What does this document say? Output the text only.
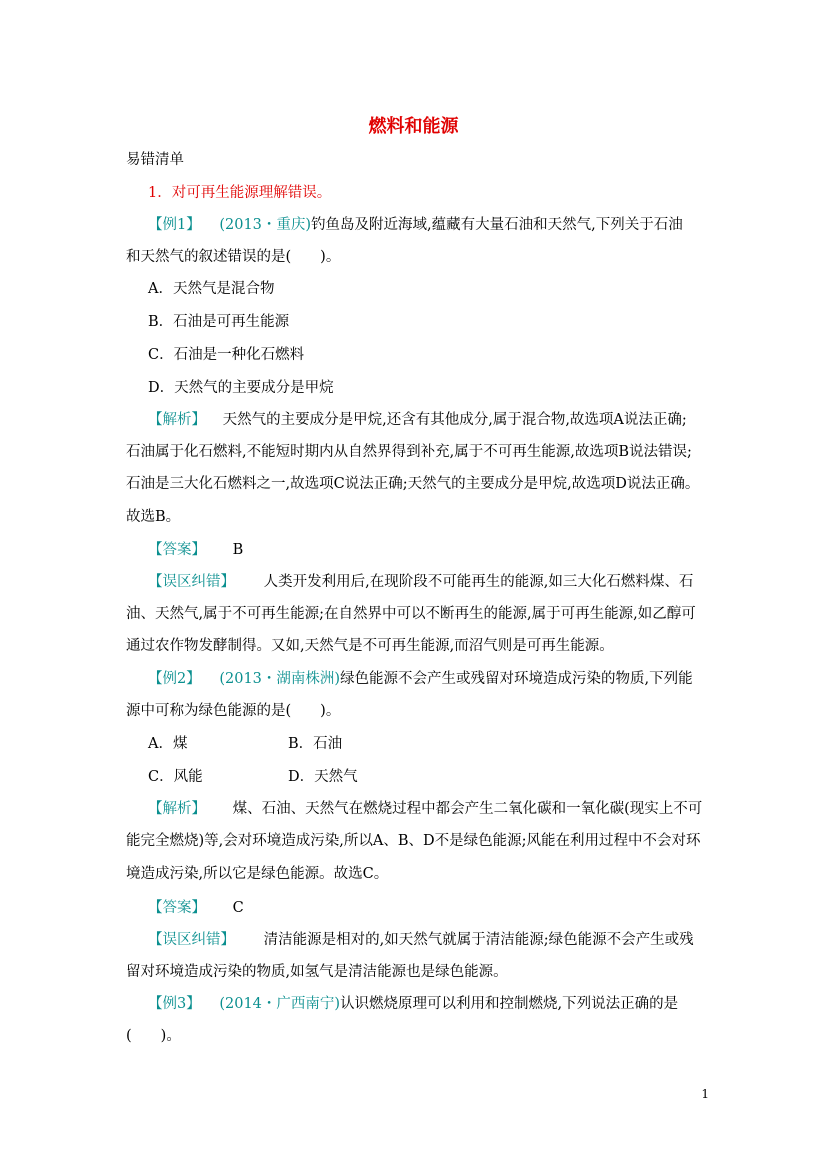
燃料和能源
易错清单
1．对可再生能源理解错误。
【例1】 (2013・重庆)钓鱼岛及附近海域,蕴藏有大量石油和天然气,下列关于石油
和天然气的叙述错误的是(　　)。
A．天然气是混合物
B．石油是可再生能源
C．石油是一种化石燃料
D．天然气的主要成分是甲烷
【解析】 天然气的主要成分是甲烷,还含有其他成分,属于混合物,故选项A说法正确;
石油属于化石燃料,不能短时期内从自然界得到补充,属于不可再生能源,故选项B说法错误;
石油是三大化石燃料之一,故选项C说法正确;天然气的主要成分是甲烷,故选项D说法正确。
故选B。
【答案】 B
【误区纠错】 人类开发利用后,在现阶段不可能再生的能源,如三大化石燃料煤、石
油、天然气,属于不可再生能源;在自然界中可以不断再生的能源,属于可再生能源,如乙醇可
通过农作物发酵制得。又如,天然气是不可再生能源,而沼气则是可再生能源。
【例2】 (2013・湖南株洲)绿色能源不会产生或残留对环境造成污染的物质,下列能
源中可称为绿色能源的是(　　)。
A．煤	B．石油
C．风能	D．天然气
【解析】 煤、石油、天然气在燃烧过程中都会产生二氧化碳和一氧化碳(现实上不可
能完全燃烧)等,会对环境造成污染,所以A、B、D不是绿色能源;风能在利用过程中不会对环
境造成污染,所以它是绿色能源。故选C。
【答案】 C
【误区纠错】 清洁能源是相对的,如天然气就属于清洁能源;绿色能源不会产生或残
留对环境造成污染的物质,如氢气是清洁能源也是绿色能源。
【例3】 (2014・广西南宁)认识燃烧原理可以利用和控制燃烧,下列说法正确的是
(　　)。
1
